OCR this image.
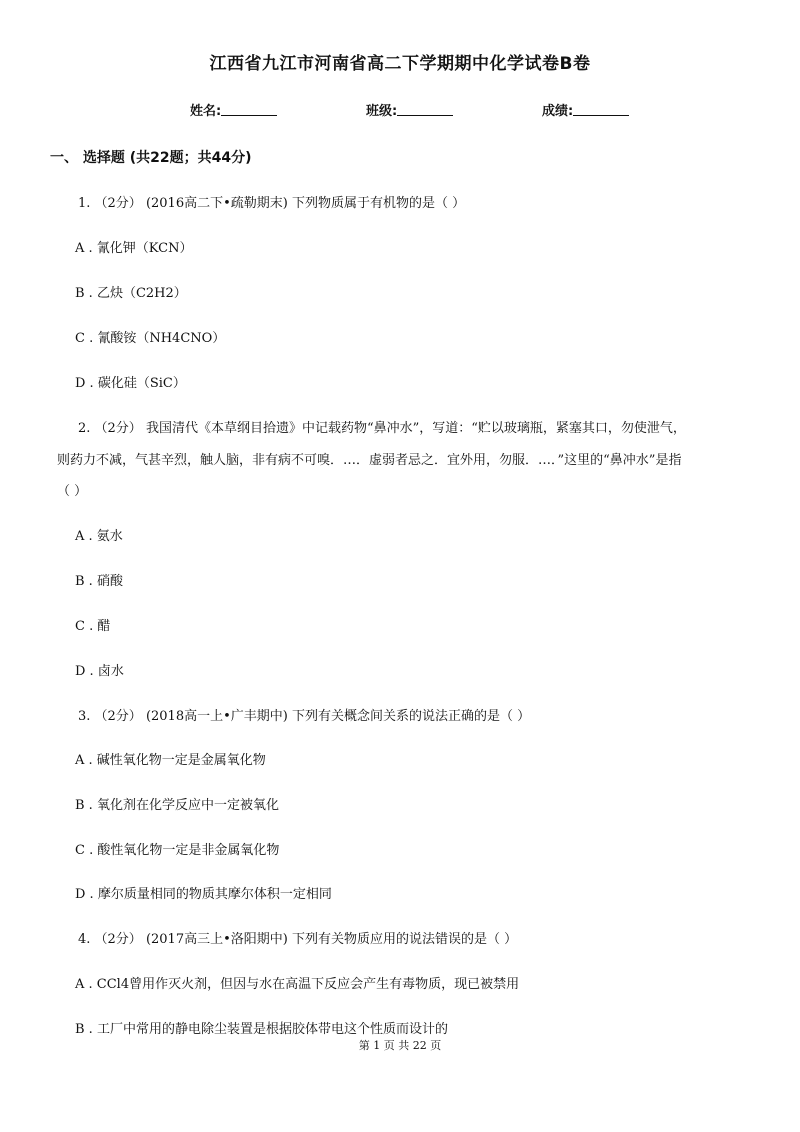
江西省九江市河南省高二下学期期中化学试卷B卷
姓名:	班级:	成绩:
一、 选择题 (共22题；共44分)
1. （2分） (2016高二下•疏勒期末) 下列物质属于有机物的是（ ）
A . 氰化钾（KCN）
B . 乙炔（C2H2）
C . 氰酸铵（NH4CNO）
D . 碳化硅（SiC）
2. （2分） 我国清代《本草纲目拾遗》中记载药物“鼻冲水”，写道：“贮以玻璃瓶，紧塞其口，勿使泄气，
则药力不减，气甚辛烈，触人脑，非有病不可嗅．…．虚弱者忌之．宜外用，勿服．…．”这里的“鼻冲水”是指
（ ）
A . 氨水
B . 硝酸
C . 醋
D . 卤水
3. （2分） (2018高一上•广丰期中) 下列有关概念间关系的说法正确的是（ ）
A . 碱性氧化物一定是金属氧化物
B . 氧化剂在化学反应中一定被氧化
C . 酸性氧化物一定是非金属氧化物
D . 摩尔质量相同的物质其摩尔体积一定相同
4. （2分） (2017高三上•洛阳期中) 下列有关物质应用的说法错误的是（ ）
A . CCl4曾用作灭火剂，但因与水在高温下反应会产生有毒物质，现已被禁用
B . 工厂中常用的静电除尘装置是根据胶体带电这个性质而设计的
第 1 页 共 22 页
